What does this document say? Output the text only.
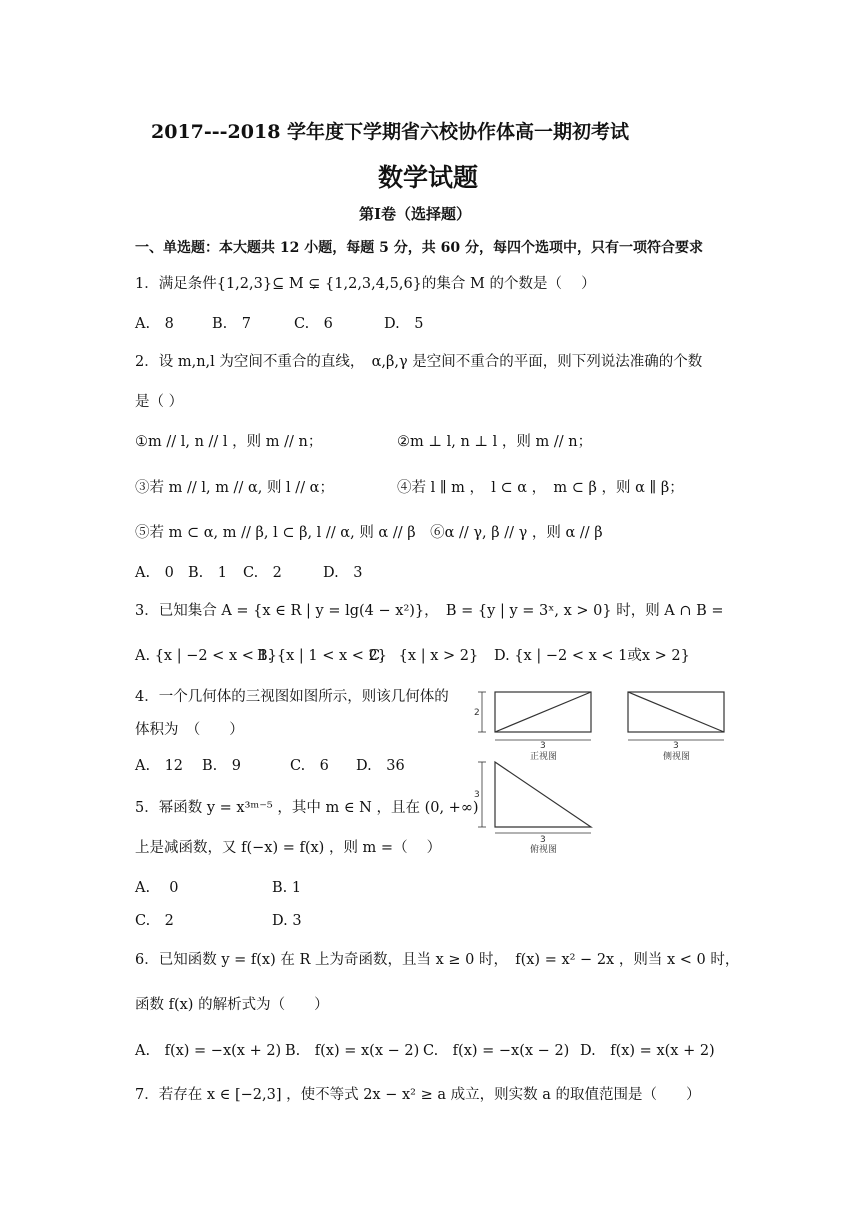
2017---2018 学年度下学期省六校协作体高一期初考试
数学试题
第Ⅰ卷（选择题）
一、单选题：本大题共 12 小题，每题 5 分，共 60 分，每四个选项中，只有一项符合要求
1．满足条件{1,2,3}⊆ M ⊊ {1,2,3,4,5,6}的集合 M 的个数是（　 ）
A.　8	B.　7	C.　6	D.　5
2．设 m,n,l 为空间不重合的直线，　α,β,γ 是空间不重合的平面，则下列说法准确的个数
是（ ）
①m // l, n // l ，则 m // n；	②m ⊥ l, n ⊥ l ，则 m // n；
③若 m // l, m // α, 则 l // α；	④若 l ∥ m ，　l ⊂ α ，　m ⊂ β ，则 α ∥ β；
⑤若 m ⊂ α, m // β, l ⊂ β, l // α, 则 α // β　⑥α // γ, β // γ ，则 α // β
A.　0 B.　1 C.　2	D.　3
3．已知集合 A = {x ∈ R | y = lg(4 − x²)}，　B = {y | y = 3ˣ, x > 0} 时，则 A ∩ B =
A. {x | −2 < x < 1}
B. {x | 1 < x < 2}
C.　{x | x > 2} D. {x | −2 < x < 1或x > 2}
4．一个几何体的三视图如图所示，则该几何体的
体积为　（　　）
A.　12 B.　9	C.　6 D.　36
3
正视图
3
侧视图
2
3
3
俯视图
5．幂函数 y = x³ᵐ⁻⁵ ，其中 m ∈ N ，且在 (0, +∞)
上是减函数，又 f(−x) = f(x) ，则 m =（　 ）
A.　 0	B. 1
C.　2	D. 3
6．已知函数 y = f(x) 在 R 上为奇函数，且当 x ≥ 0 时，　f(x) = x² − 2x ，则当 x < 0 时，
函数 f(x) 的解析式为（　　）
A.　f(x) = −x(x + 2) B.　f(x) = x(x − 2) C.　f(x) = −x(x − 2) D.　f(x) = x(x + 2)
7．若存在 x ∈ [−2,3] ，使不等式 2x − x² ≥ a 成立，则实数 a 的取值范围是（　　）
